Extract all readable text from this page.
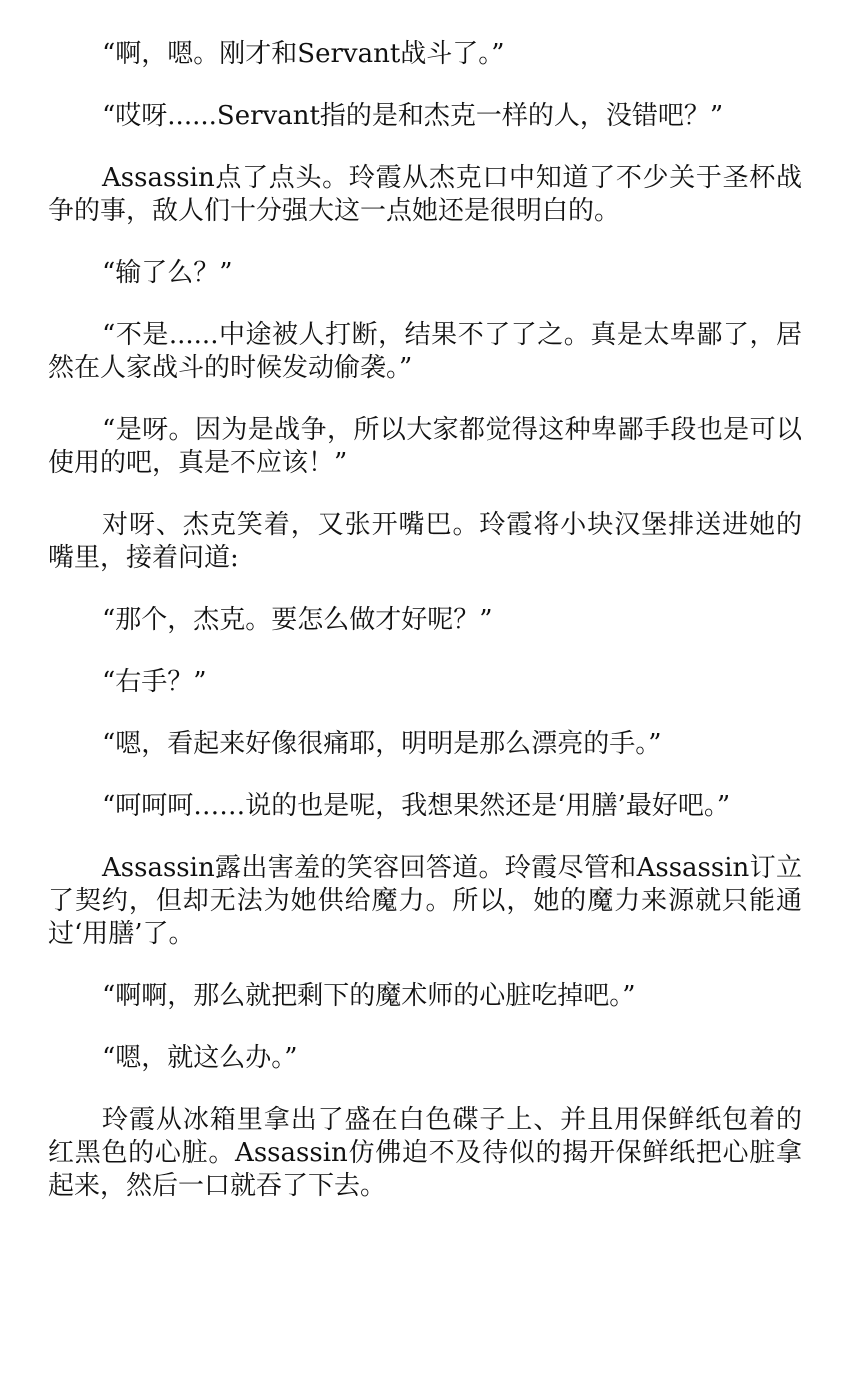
“啊，嗯。刚才和Servant战斗了。”

“哎呀......Servant指的是和杰克一样的人，没错吧？”

Assassin点了点头。玲霞从杰克口中知道了不少关于圣杯战争的事，敌人们十分强大这一点她还是很明白的。

“输了么？”

“不是......中途被人打断，结果不了了之。真是太卑鄙了，居然在人家战斗的时候发动偷袭。”

“是呀。因为是战争，所以大家都觉得这种卑鄙手段也是可以使用的吧，真是不应该！”

对呀、杰克笑着，又张开嘴巴。玲霞将小块汉堡排送进她的嘴里，接着问道:

“那个，杰克。要怎么做才好呢？”

“右手？”

“嗯，看起来好像很痛耶，明明是那么漂亮的手。”

“呵呵呵……说的也是呢，我想果然还是‘用膳’最好吧。”

Assassin露出害羞的笑容回答道。玲霞尽管和Assassin订立了契约，但却无法为她供给魔力。所以，她的魔力来源就只能通过‘用膳’了。

“啊啊，那么就把剩下的魔术师的心脏吃掉吧。”

“嗯，就这么办。”

玲霞从冰箱里拿出了盛在白色碟子上、并且用保鲜纸包着的红黑色的心脏。Assassin仿佛迫不及待似的揭开保鲜纸把心脏拿起来，然后一口就吞了下去。
